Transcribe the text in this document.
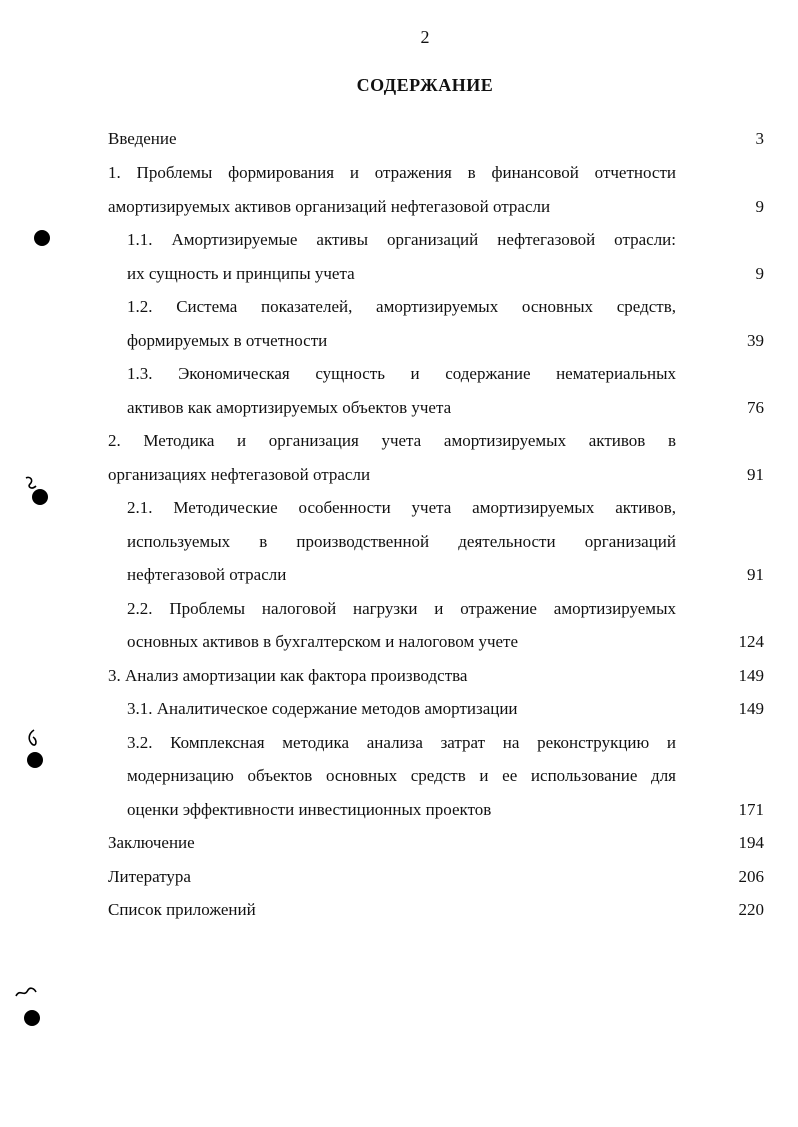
2
СОДЕРЖАНИЕ
Введение	3
1. Проблемы формирования и отражения в финансовой отчетности
амортизируемых активов организаций нефтегазовой отрасли	9
1.1. Амортизируемые активы организаций нефтегазовой отрасли:
их сущность и принципы учета	9
1.2. Система показателей, амортизируемых основных средств,
формируемых в отчетности	39
1.3. Экономическая сущность и содержание нематериальных
активов как амортизируемых объектов учета	76
2. Методика и организация учета амортизируемых активов в
организациях нефтегазовой отрасли	91
2.1. Методические особенности учета амортизируемых активов,
используемых в производственной деятельности организаций
нефтегазовой отрасли	91
2.2. Проблемы налоговой нагрузки и отражение амортизируемых
основных активов в бухгалтерском и налоговом учете	124
3. Анализ амортизации как фактора производства	149
3.1. Аналитическое содержание методов амортизации	149
3.2. Комплексная методика анализа затрат на реконструкцию и
модернизацию объектов основных средств и ее использование для
оценки эффективности инвестиционных проектов	171
Заключение	194
Литература	206
Список приложений	220
